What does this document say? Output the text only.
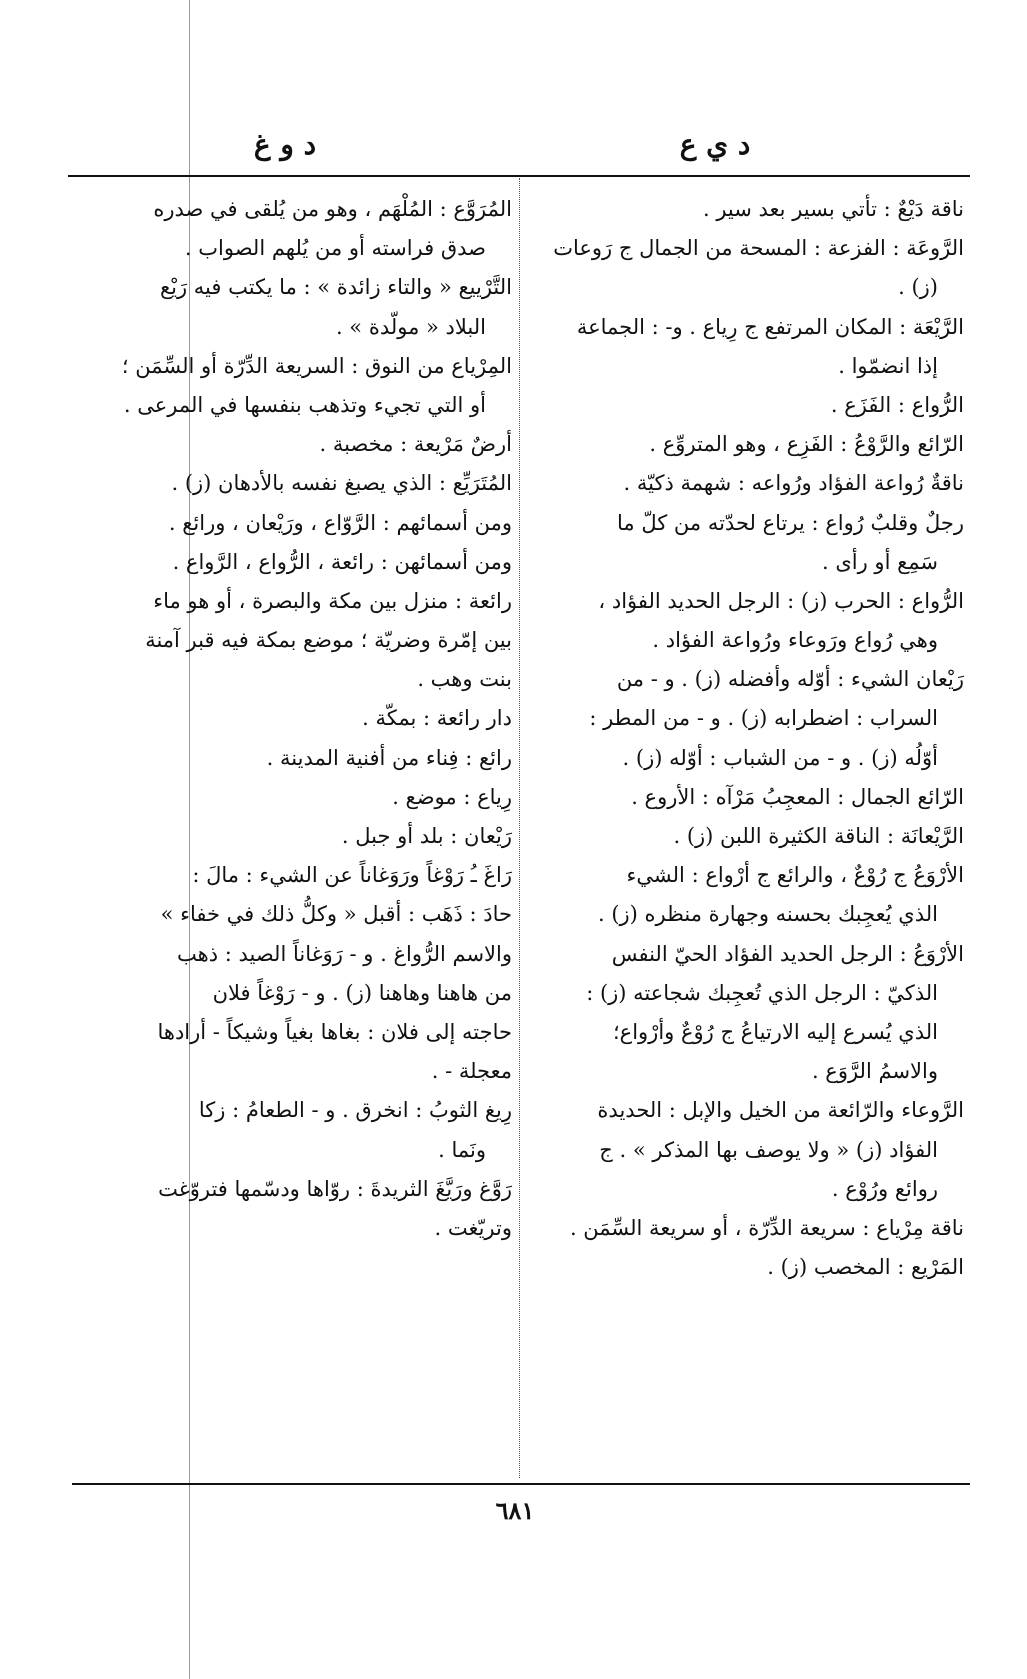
د ي ع
د و غ
ناقة دَيْعٌ : تأتي بسير بعد سير .
الرَّوعَة : الفزعة : المسحة من الجمال ج رَوعات
(ز) .
الرَّيْعَة : المكان المرتفع ج رِياع . و- : الجماعة
إذا انضمّوا .
الرُّواع : الفَزَع .
الرّائع والرَّوْعُ : الفَزِع ، وهو المتروِّع .
ناقةٌ رُواعة الفؤاد ورُواعه : شهمة ذكيّة .
رجلٌ وقلبٌ رُواع : يرتاع لحدّته من كلّ ما
سَمِع أو رأى .
الرُّواع : الحرب (ز) : الرجل الحديد الفؤاد ،
وهي رُواع ورَوعاء ورُواعة الفؤاد .
رَيْعان الشيء : أوّله وأفضله (ز) . و - من
السراب : اضطرابه (ز) . و - من المطر :
أوّلُه (ز) . و - من الشباب : أوّله (ز) .
الرّائع الجمال : المعجِبُ مَرْآه : الأروع .
الرَّيْعانَة : الناقة الكثيرة اللبن (ز) .
الأرْوَعُ ج رُوْعٌ ، والرائع ج أرْواع : الشيء
الذي يُعجِبك بحسنه وجهارة منظره (ز) .
الأرْوَعُ : الرجل الحديد الفؤاد الحيّ النفس
الذكيّ : الرجل الذي تُعجِبك شجاعته (ز) :
الذي يُسرع إليه الارتياعُ ج رُوْعٌ وأرْواع؛
والاسمُ الرَّوَع .
الرَّوعاء والرّائعة من الخيل والإبل : الحديدة
الفؤاد (ز) « ولا يوصف بها المذكر » . ج
روائع ورُوْع .
ناقة مِرْياع : سريعة الدِّرّة ، أو سريعة السِّمَن .
المَرْيع : المخصب (ز) .
المُرَوَّع : المُلْهَم ، وهو من يُلقى في صدره
صدق فراسته أو من يُلهم الصواب .
التَّرْييع « والتاء زائدة » : ما يكتب فيه رَيْع
البلاد « مولّدة » .
المِرْياع من النوق : السريعة الدِّرّة أو السِّمَن ؛
أو التي تجيء وتذهب بنفسها في المرعى .
أرضٌ مَرْيعة : مخصبة .
المُتَرَيِّع : الذي يصبغ نفسه بالأدهان (ز) .
ومن أسمائهم : الرَّوّاع ، ورَيْعان ، ورائع .
ومن أسمائهن : رائعة ، الرُّواع ، الرَّواع .
رائعة : منزل بين مكة والبصرة ، أو هو ماء
بين إمّرة وضريّة ؛ موضع بمكة فيه قبر آمنة
بنت وهب .
دار رائعة : بمكّة .
رائع : فِناء من أفنية المدينة .
رِياع : موضع .
رَيْعان : بلد أو جبل .
رَاغَ ـُ رَوْغاً ورَوَغاناً عن الشيء : مالَ :
حادَ : ذَهَب : أقبل « وكلُّ ذلك في خفاء »
والاسم الرُّواغ . و - رَوَغاناً الصيد : ذهب
من هاهنا وهاهنا (ز) . و - رَوْغاً فلان
حاجته إلى فلان : بغاها بغياً وشيكاً - أرادها
معجلة - .
رِيغ الثوبُ : انخرق . و - الطعامُ : زكا
ونَما .
رَوَّغ ورَيَّغَ الثريدةَ : روّاها ودسّمها فتروّغت
وتريّغت .
٦٨١
